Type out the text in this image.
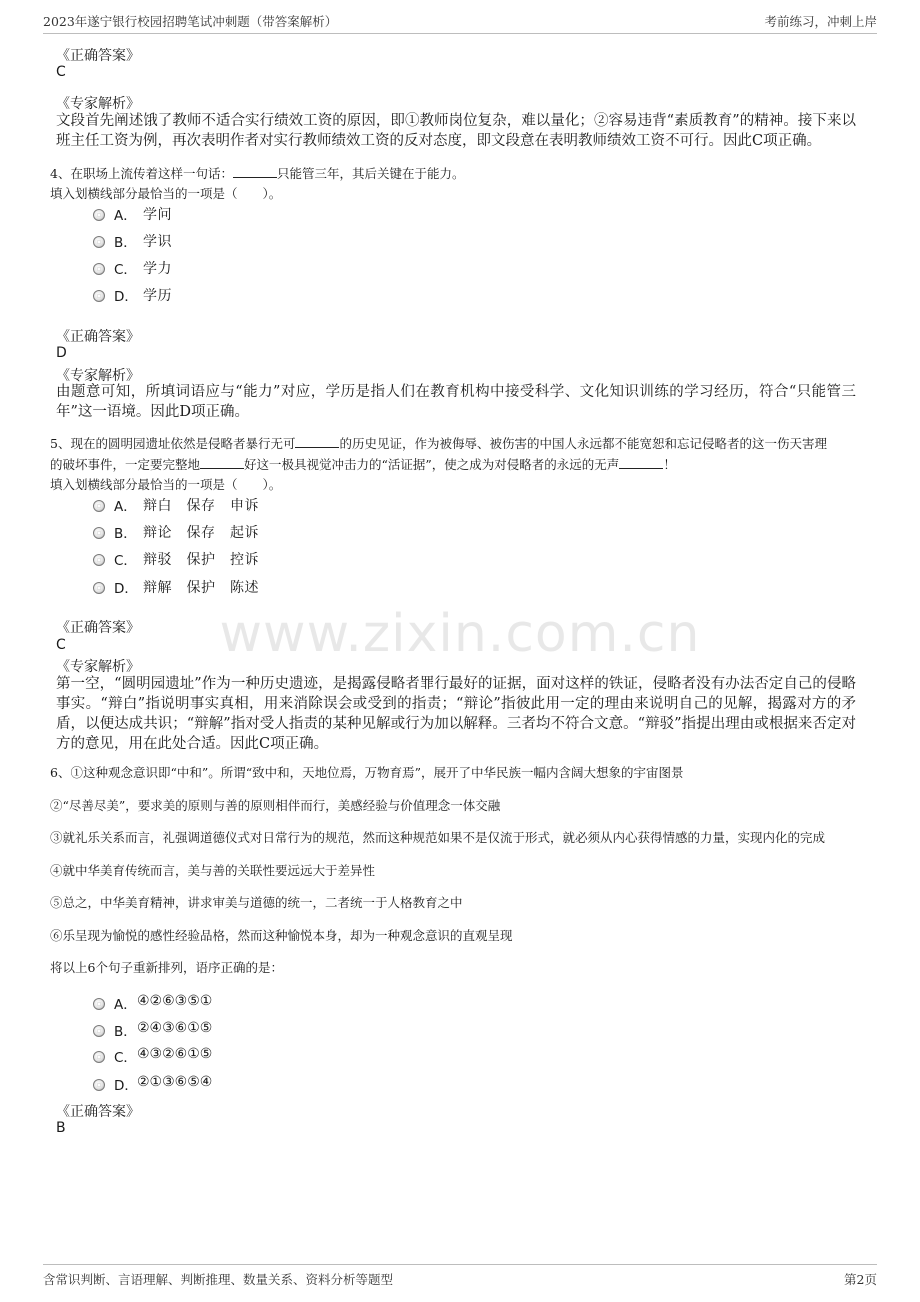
2023年遂宁银行校园招聘笔试冲刺题（带答案解析）	考前练习，冲刺上岸
《正确答案》
C
《专家解析》
文段首先阐述饿了教师不适合实行绩效工资的原因，即①教师岗位复杂，难以量化；②容易违背“素质教育”的精神。接下来以班主任工资为例，再次表明作者对实行教师绩效工资的反对态度，即文段意在表明教师绩效工资不可行。因此C项正确。
4、在职场上流传着这样一句话：	只能管三年，其后关键在于能力。
填入划横线部分最恰当的一项是（　　）。
A． 学问
B． 学识
C． 学力
D． 学历
《正确答案》
D
《专家解析》
由题意可知，所填词语应与“能力”对应，学历是指人们在教育机构中接受科学、文化知识训练的学习经历，符合“只能管三年”这一语境。因此D项正确。
5、现在的圆明园遗址依然是侵略者暴行无可	的历史见证，作为被侮辱、被伤害的中国人永远都不能宽恕和忘记侵略者的这一伤天害理
的破坏事件，一定要完整地	好这一极具视觉冲击力的“活证据”，使之成为对侵略者的永远的无声	！
填入划横线部分最恰当的一项是（　　）。
A． 辩白　保存　申诉
B． 辩论　保存　起诉
C． 辩驳　保护　控诉
D． 辩解　保护　陈述
《正确答案》
C
《专家解析》
第一空，“圆明园遗址”作为一种历史遗迹，是揭露侵略者罪行最好的证据，面对这样的铁证，侵略者没有办法否定自己的侵略事实。“辩白”指说明事实真相，用来消除误会或受到的指责；“辩论”指彼此用一定的理由来说明自己的见解，揭露对方的矛盾，以便达成共识；“辩解”指对受人指责的某种见解或行为加以解释。三者均不符合文意。“辩驳”指提出理由或根据来否定对方的意见，用在此处合适。因此C项正确。
6、①这种观念意识即“中和”。所谓“致中和，天地位焉，万物育焉”，展开了中华民族一幅内含阔大想象的宇宙图景
②“尽善尽美”，要求美的原则与善的原则相伴而行，美感经验与价值理念一体交融
③就礼乐关系而言，礼强调道德仪式对日常行为的规范，然而这种规范如果不是仅流于形式，就必须从内心获得情感的力量，实现内化的完成
④就中华美育传统而言，美与善的关联性要远远大于差异性
⑤总之，中华美育精神，讲求审美与道德的统一，二者统一于人格教育之中
⑥乐呈现为愉悦的感性经验品格，然而这种愉悦本身，却为一种观念意识的直观呈现
将以上6个句子重新排列，语序正确的是：
A． ④②⑥③⑤①
B． ②④③⑥①⑤
C． ④③②⑥①⑤
D． ②①③⑥⑤④
《正确答案》
B
www.zixin.com.cn
含常识判断、言语理解、判断推理、数量关系、资料分析等题型	第2页
